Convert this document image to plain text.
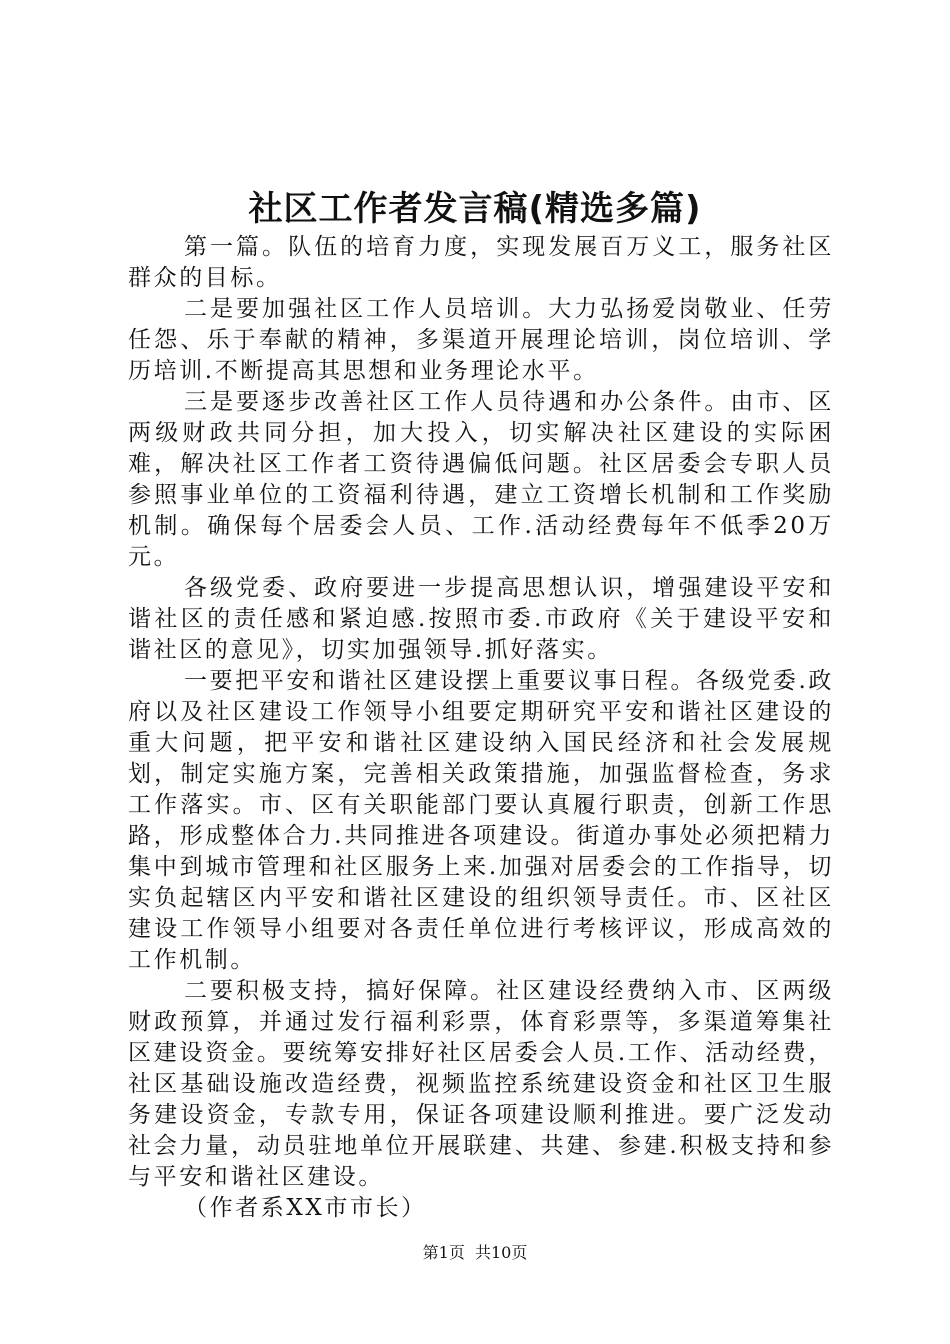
社区工作者发言稿(精选多篇)

第一篇。队伍的培育力度，实现发展百万义工，服务社区群众的目标。

二是要加强社区工作人员培训。大力弘扬爱岗敬业、任劳任怨、乐于奉献的精神，多渠道开展理论培训，岗位培训、学历培训.不断提高其思想和业务理论水平。

三是要逐步改善社区工作人员待遇和办公条件。由市、区两级财政共同分担，加大投入，切实解决社区建设的实际困难，解决社区工作者工资待遇偏低问题。社区居委会专职人员参照事业单位的工资福利待遇，建立工资增长机制和工作奖励机制。确保每个居委会人员、工作.活动经费每年不低季20万元。

各级党委、政府要进一步提高思想认识，增强建设平安和谐社区的责任感和紧迫感.按照市委.市政府《关于建设平安和谐社区的意见》，切实加强领导.抓好落实。

一要把平安和谐社区建设摆上重要议事日程。各级党委.政府以及社区建设工作领导小组要定期研究平安和谐社区建设的重大问题，把平安和谐社区建设纳入国民经济和社会发展规划，制定实施方案，完善相关政策措施，加强监督检查，务求工作落实。市、区有关职能部门要认真履行职责，创新工作思路，形成整体合力.共同推进各项建设。街道办事处必须把精力集中到城市管理和社区服务上来.加强对居委会的工作指导，切实负起辖区内平安和谐社区建设的组织领导责任。市、区社区建设工作领导小组要对各责任单位进行考核评议，形成高效的工作机制。

二要积极支持，搞好保障。社区建设经费纳入市、区两级财政预算，并通过发行福利彩票，体育彩票等，多渠道筹集社区建设资金。要统筹安排好社区居委会人员.工作、活动经费，社区基础设施改造经费，视频监控系统建设资金和社区卫生服务建设资金，专款专用，保证各项建设顺利推进。要广泛发动社会力量，动员驻地单位开展联建、共建、参建.积极支持和参与平安和谐社区建设。

（作者系XX市市长）

第1页  共10页
